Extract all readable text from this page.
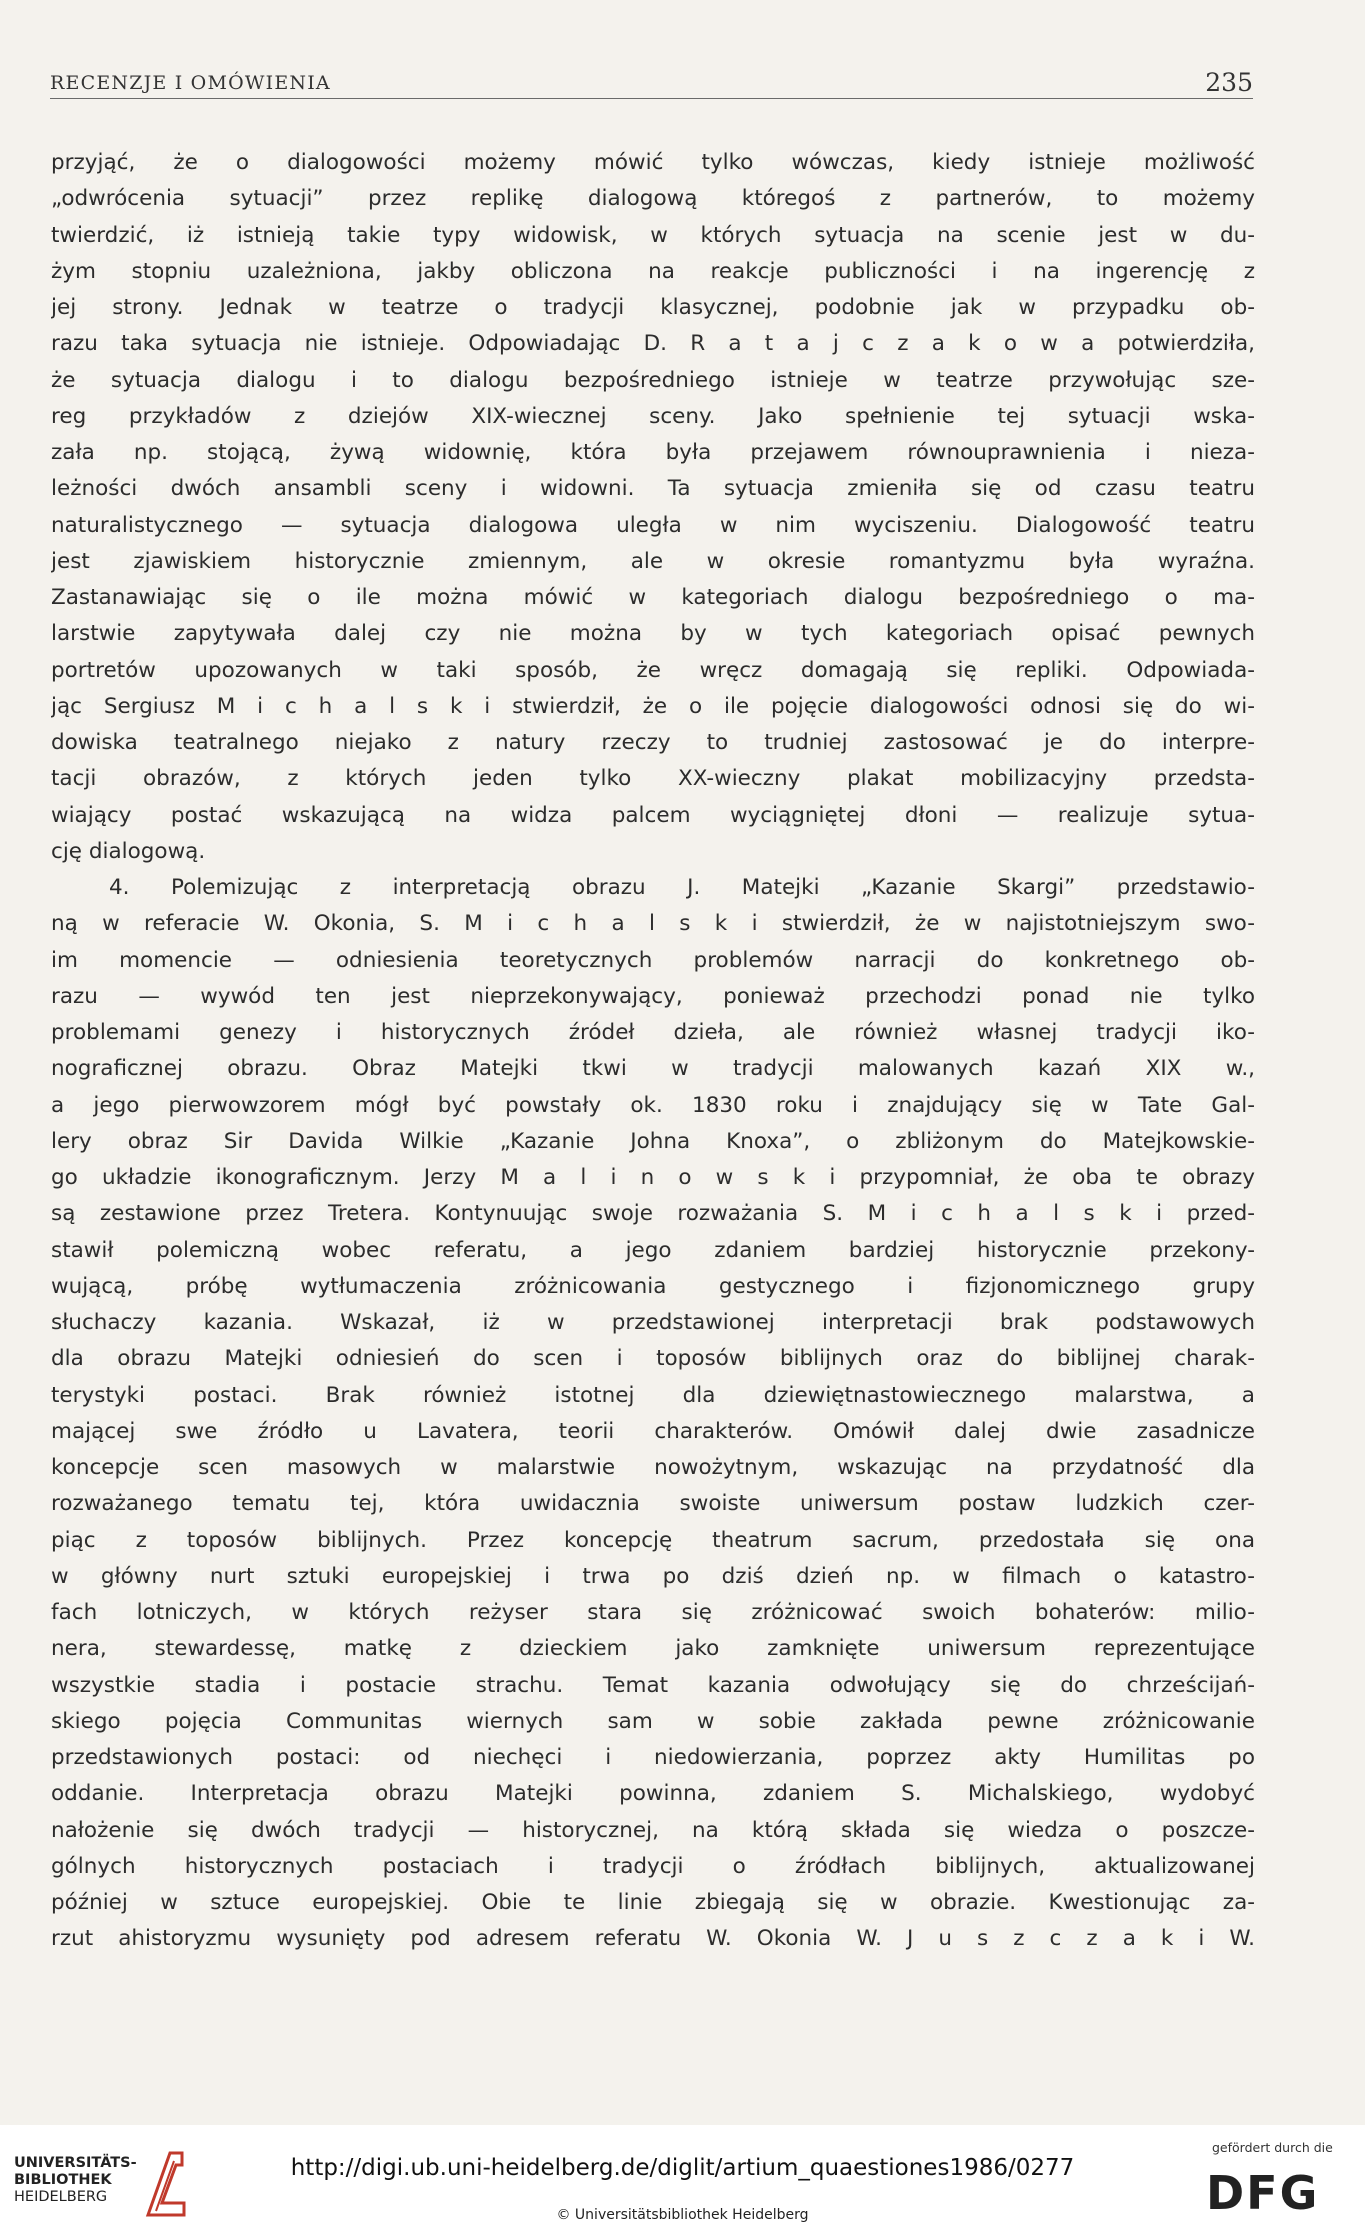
RECENZJE I OMÓWIENIA	235
przyjąć, że o dialogowości możemy mówić tylko wówczas, kiedy istnieje możliwość
„odwrócenia sytuacji” przez replikę dialogową któregoś z partnerów, to możemy
twierdzić, iż istnieją takie typy widowisk, w których sytuacja na scenie jest w du-
żym stopniu uzależniona, jakby obliczona na reakcje publiczności i na ingerencję z
jej strony. Jednak w teatrze o tradycji klasycznej, podobnie jak w przypadku ob-
razu taka sytuacja nie istnieje. Odpowiadając D. R a t a j c z a k o w a potwierdziła,
że sytuacja dialogu i to dialogu bezpośredniego istnieje w teatrze przywołując sze-
reg przykładów z dziejów XIX-wiecznej sceny. Jako spełnienie tej sytuacji wska-
zała np. stojącą, żywą widownię, która była przejawem równouprawnienia i nieza-
leżności dwóch ansambli sceny i widowni. Ta sytuacja zmieniła się od czasu teatru
naturalistycznego — sytuacja dialogowa uległa w nim wyciszeniu. Dialogowość teatru
jest zjawiskiem historycznie zmiennym, ale w okresie romantyzmu była wyraźna.
Zastanawiając się o ile można mówić w kategoriach dialogu bezpośredniego o ma-
larstwie zapytywała dalej czy nie można by w tych kategoriach opisać pewnych
portretów upozowanych w taki sposób, że wręcz domagają się repliki. Odpowiada-
jąc Sergiusz M i c h a l s k i stwierdził, że o ile pojęcie dialogowości odnosi się do wi-
dowiska teatralnego niejako z natury rzeczy to trudniej zastosować je do interpre-
tacji obrazów, z których jeden tylko XX-wieczny plakat mobilizacyjny przedsta-
wiający postać wskazującą na widza palcem wyciągniętej dłoni — realizuje sytua-
cję dialogową.
4. Polemizując z interpretacją obrazu J. Matejki „Kazanie Skargi” przedstawio-
ną w referacie W. Okonia, S. M i c h a l s k i stwierdził, że w najistotniejszym swo-
im momencie — odniesienia teoretycznych problemów narracji do konkretnego ob-
razu — wywód ten jest nieprzekonywający, ponieważ przechodzi ponad nie tylko
problemami genezy i historycznych źródeł dzieła, ale również własnej tradycji iko-
nograficznej obrazu. Obraz Matejki tkwi w tradycji malowanych kazań XIX w.,
a jego pierwowzorem mógł być powstały ok. 1830 roku i znajdujący się w Tate Gal-
lery obraz Sir Davida Wilkie „Kazanie Johna Knoxa”, o zbliżonym do Matejkowskie-
go układzie ikonograficznym. Jerzy M a l i n o w s k i przypomniał, że oba te obrazy
są zestawione przez Tretera. Kontynuując swoje rozważania S. M i c h a l s k i przed-
stawił polemiczną wobec referatu, a jego zdaniem bardziej historycznie przekony-
wującą, próbę wytłumaczenia zróżnicowania gestycznego i fizjonomicznego grupy
słuchaczy kazania. Wskazał, iż w przedstawionej interpretacji brak podstawowych
dla obrazu Matejki odniesień do scen i toposów biblijnych oraz do biblijnej charak-
terystyki postaci. Brak również istotnej dla dziewiętnastowiecznego malarstwa, a
mającej swe źródło u Lavatera, teorii charakterów. Omówił dalej dwie zasadnicze
koncepcje scen masowych w malarstwie nowożytnym, wskazując na przydatność dla
rozważanego tematu tej, która uwidacznia swoiste uniwersum postaw ludzkich czer-
piąc z toposów biblijnych. Przez koncepcję theatrum sacrum, przedostała się ona
w główny nurt sztuki europejskiej i trwa po dziś dzień np. w filmach o katastro-
fach lotniczych, w których reżyser stara się zróżnicować swoich bohaterów: milio-
nera, stewardessę, matkę z dzieckiem jako zamknięte uniwersum reprezentujące
wszystkie stadia i postacie strachu. Temat kazania odwołujący się do chrześcijań-
skiego pojęcia Communitas wiernych sam w sobie zakłada pewne zróżnicowanie
przedstawionych postaci: od niechęci i niedowierzania, poprzez akty Humilitas po
oddanie. Interpretacja obrazu Matejki powinna, zdaniem S. Michalskiego, wydobyć
nałożenie się dwóch tradycji — historycznej, na którą składa się wiedza o poszcze-
gólnych historycznych postaciach i tradycji o źródłach biblijnych, aktualizowanej
później w sztuce europejskiej. Obie te linie zbiegają się w obrazie. Kwestionując za-
rzut ahistoryzmu wysunięty pod adresem referatu W. Okonia W. J u s z c z a k i W.
UNIVERSITÄTS-
BIBLIOTHEK
HEIDELBERG
http://digi.ub.uni-heidelberg.de/diglit/artium_quaestiones1986/0277
© Universitätsbibliothek Heidelberg
gefördert durch die
DFG
